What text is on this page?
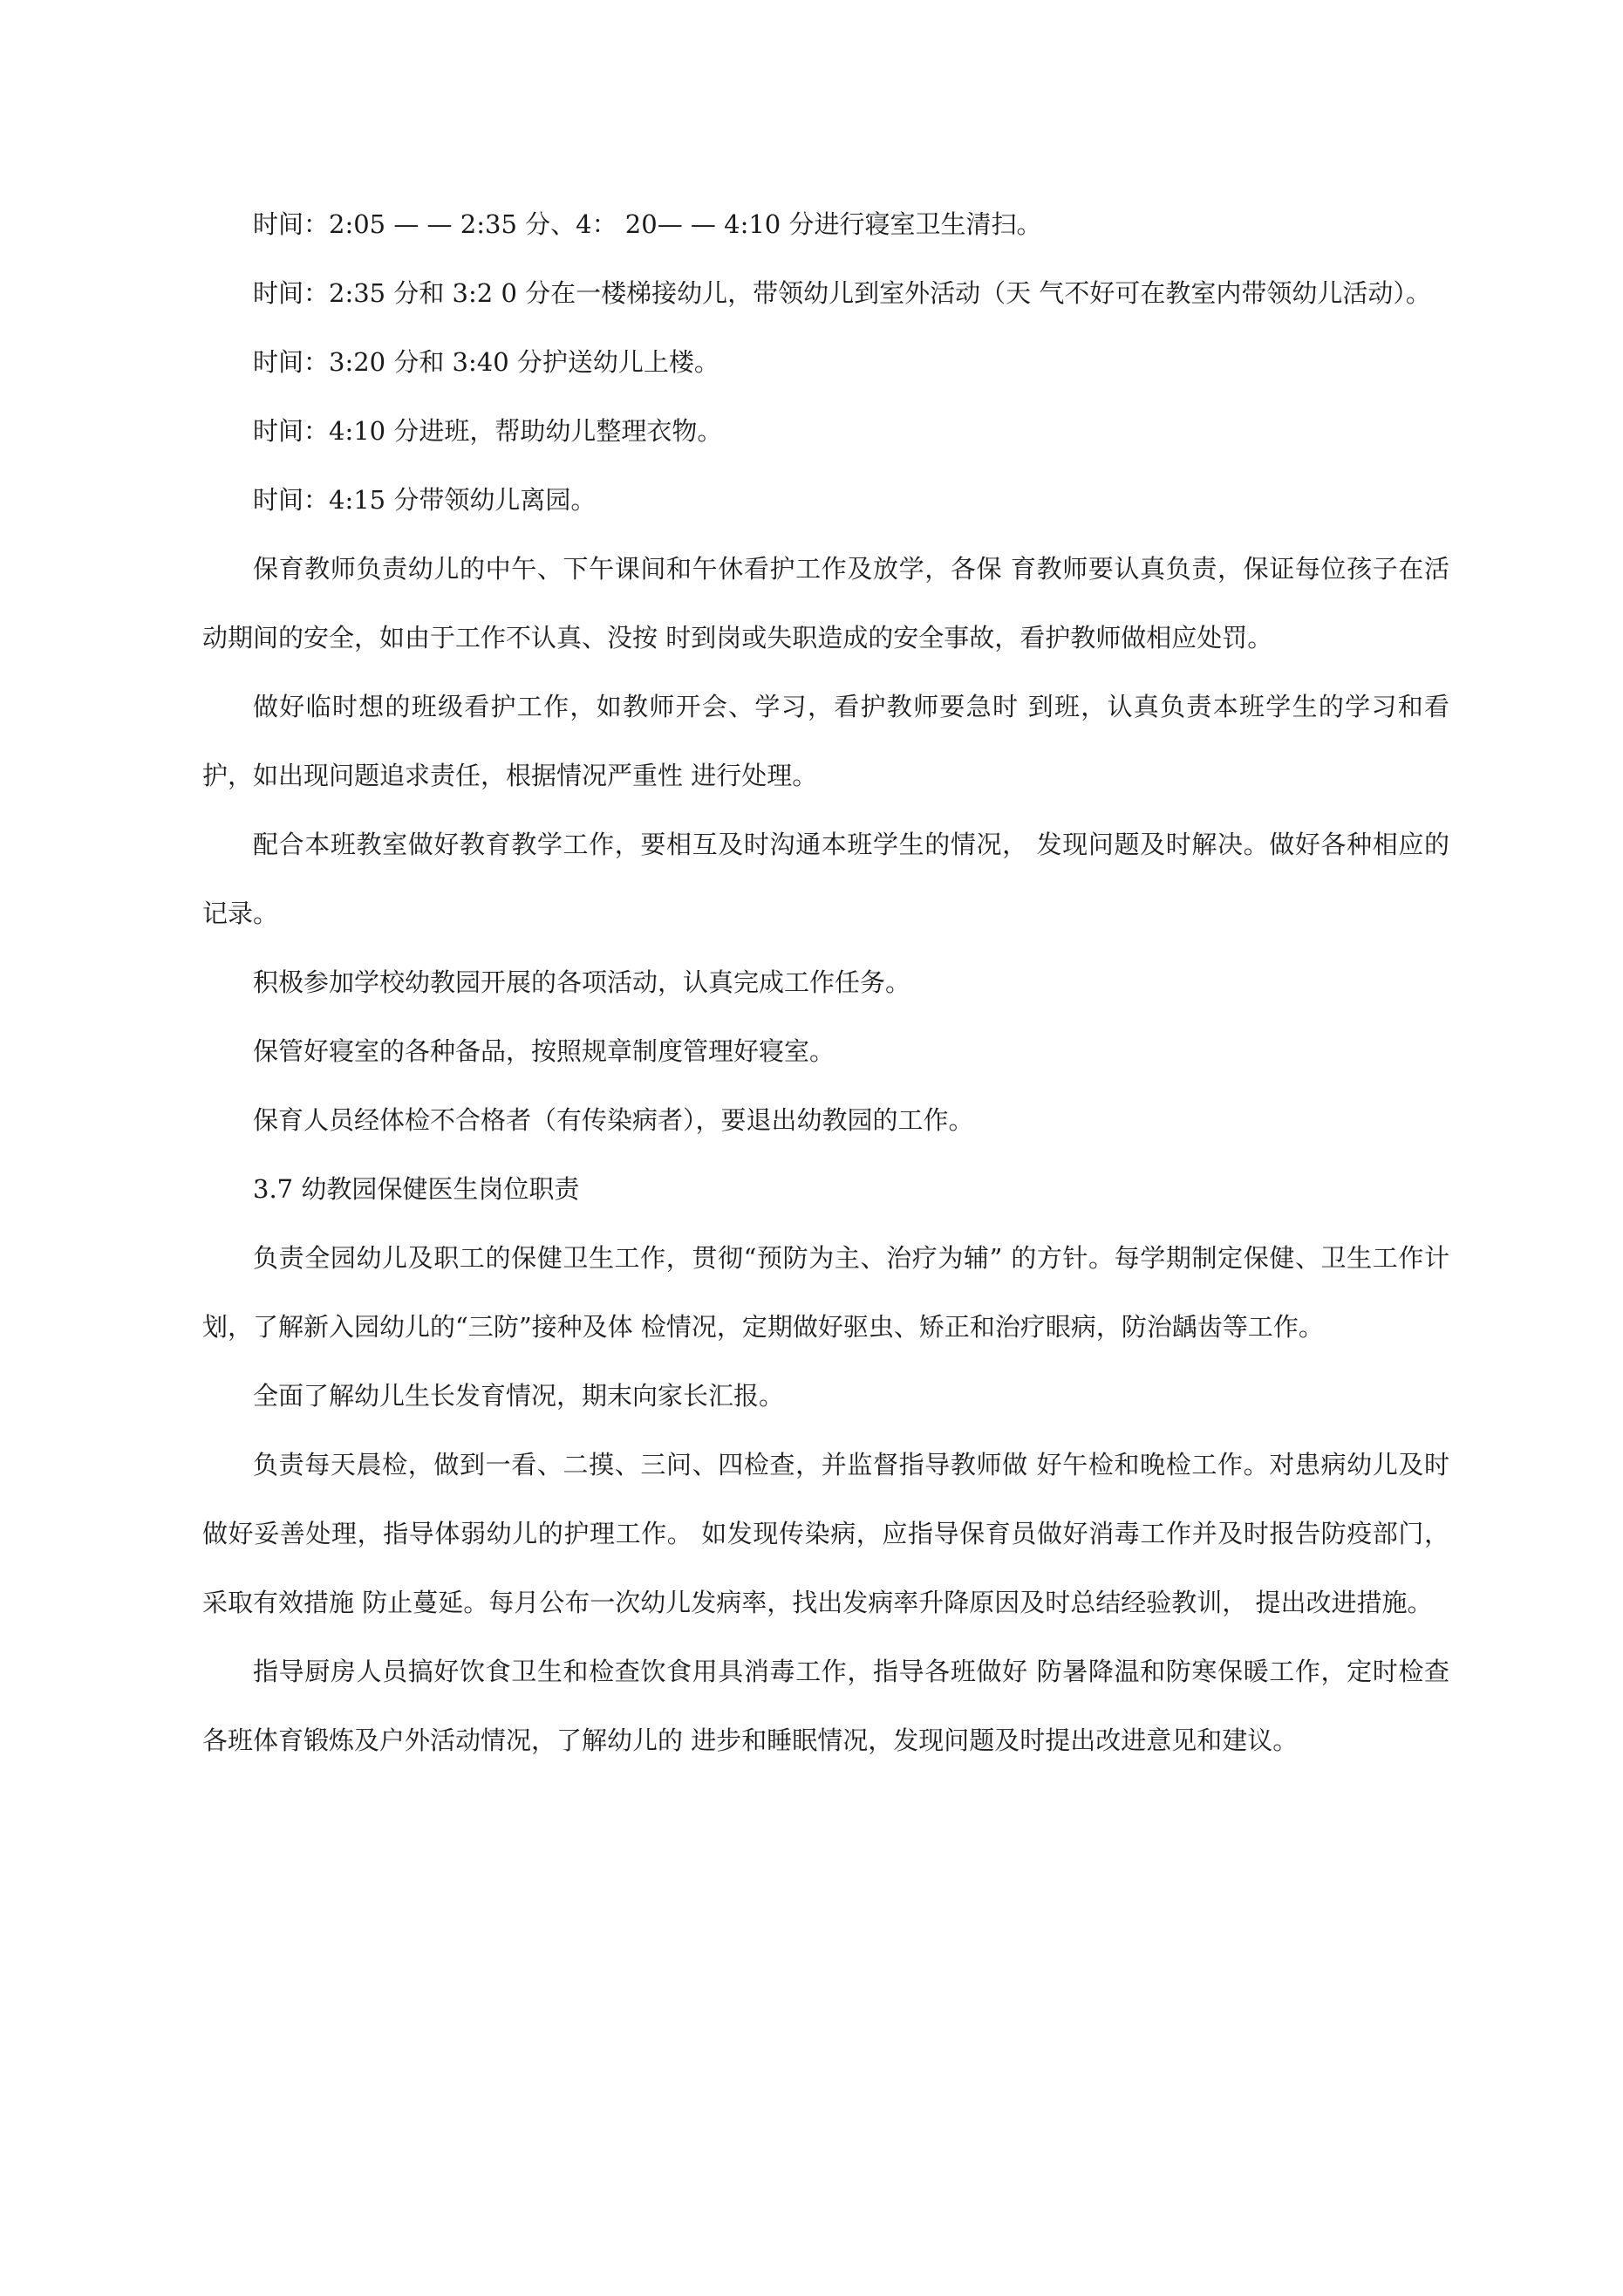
时间：2:05 — — 2:35 分、4： 20— — 4:10 分进行寝室卫生清扫。

时间：2:35 分和 3:2 0 分在一楼梯接幼儿，带领幼儿到室外活动（天 气不好可在教室内带领幼儿活动）。

时间：3:20 分和 3:40 分护送幼儿上楼。

时间：4:10 分进班，帮助幼儿整理衣物。

时间：4:15 分带领幼儿离园。

保育教师负责幼儿的中午、下午课间和午休看护工作及放学，各保 育教师要认真负责，保证每位孩子在活动期间的安全，如由于工作不认真、没按 时到岗或失职造成的安全事故，看护教师做相应处罚。

做好临时想的班级看护工作，如教师开会、学习，看护教师要急时 到班，认真负责本班学生的学习和看护，如出现问题追求责任，根据情况严重性 进行处理。

配合本班教室做好教育教学工作，要相互及时沟通本班学生的情况， 发现问题及时解决。做好各种相应的记录。

积极参加学校幼教园开展的各项活动，认真完成工作任务。

保管好寝室的各种备品，按照规章制度管理好寝室。

保育人员经体检不合格者（有传染病者），要退出幼教园的工作。

3.7 幼教园保健医生岗位职责

负责全园幼儿及职工的保健卫生工作，贯彻“预防为主、治疗为辅” 的方针。每学期制定保健、卫生工作计划，了解新入园幼儿的“三防”接种及体 检情况，定期做好驱虫、矫正和治疗眼病，防治龋齿等工作。

全面了解幼儿生长发育情况，期末向家长汇报。

负责每天晨检，做到一看、二摸、三问、四检查，并监督指导教师做 好午检和晚检工作。对患病幼儿及时做好妥善处理，指导体弱幼儿的护理工作。 如发现传染病，应指导保育员做好消毒工作并及时报告防疫部门，采取有效措施 防止蔓延。每月公布一次幼儿发病率，找出发病率升降原因及时总结经验教训， 提出改进措施。

指导厨房人员搞好饮食卫生和检查饮食用具消毒工作，指导各班做好 防暑降温和防寒保暖工作，定时检查各班体育锻炼及户外活动情况，了解幼儿的 进步和睡眠情况，发现问题及时提出改进意见和建议。
